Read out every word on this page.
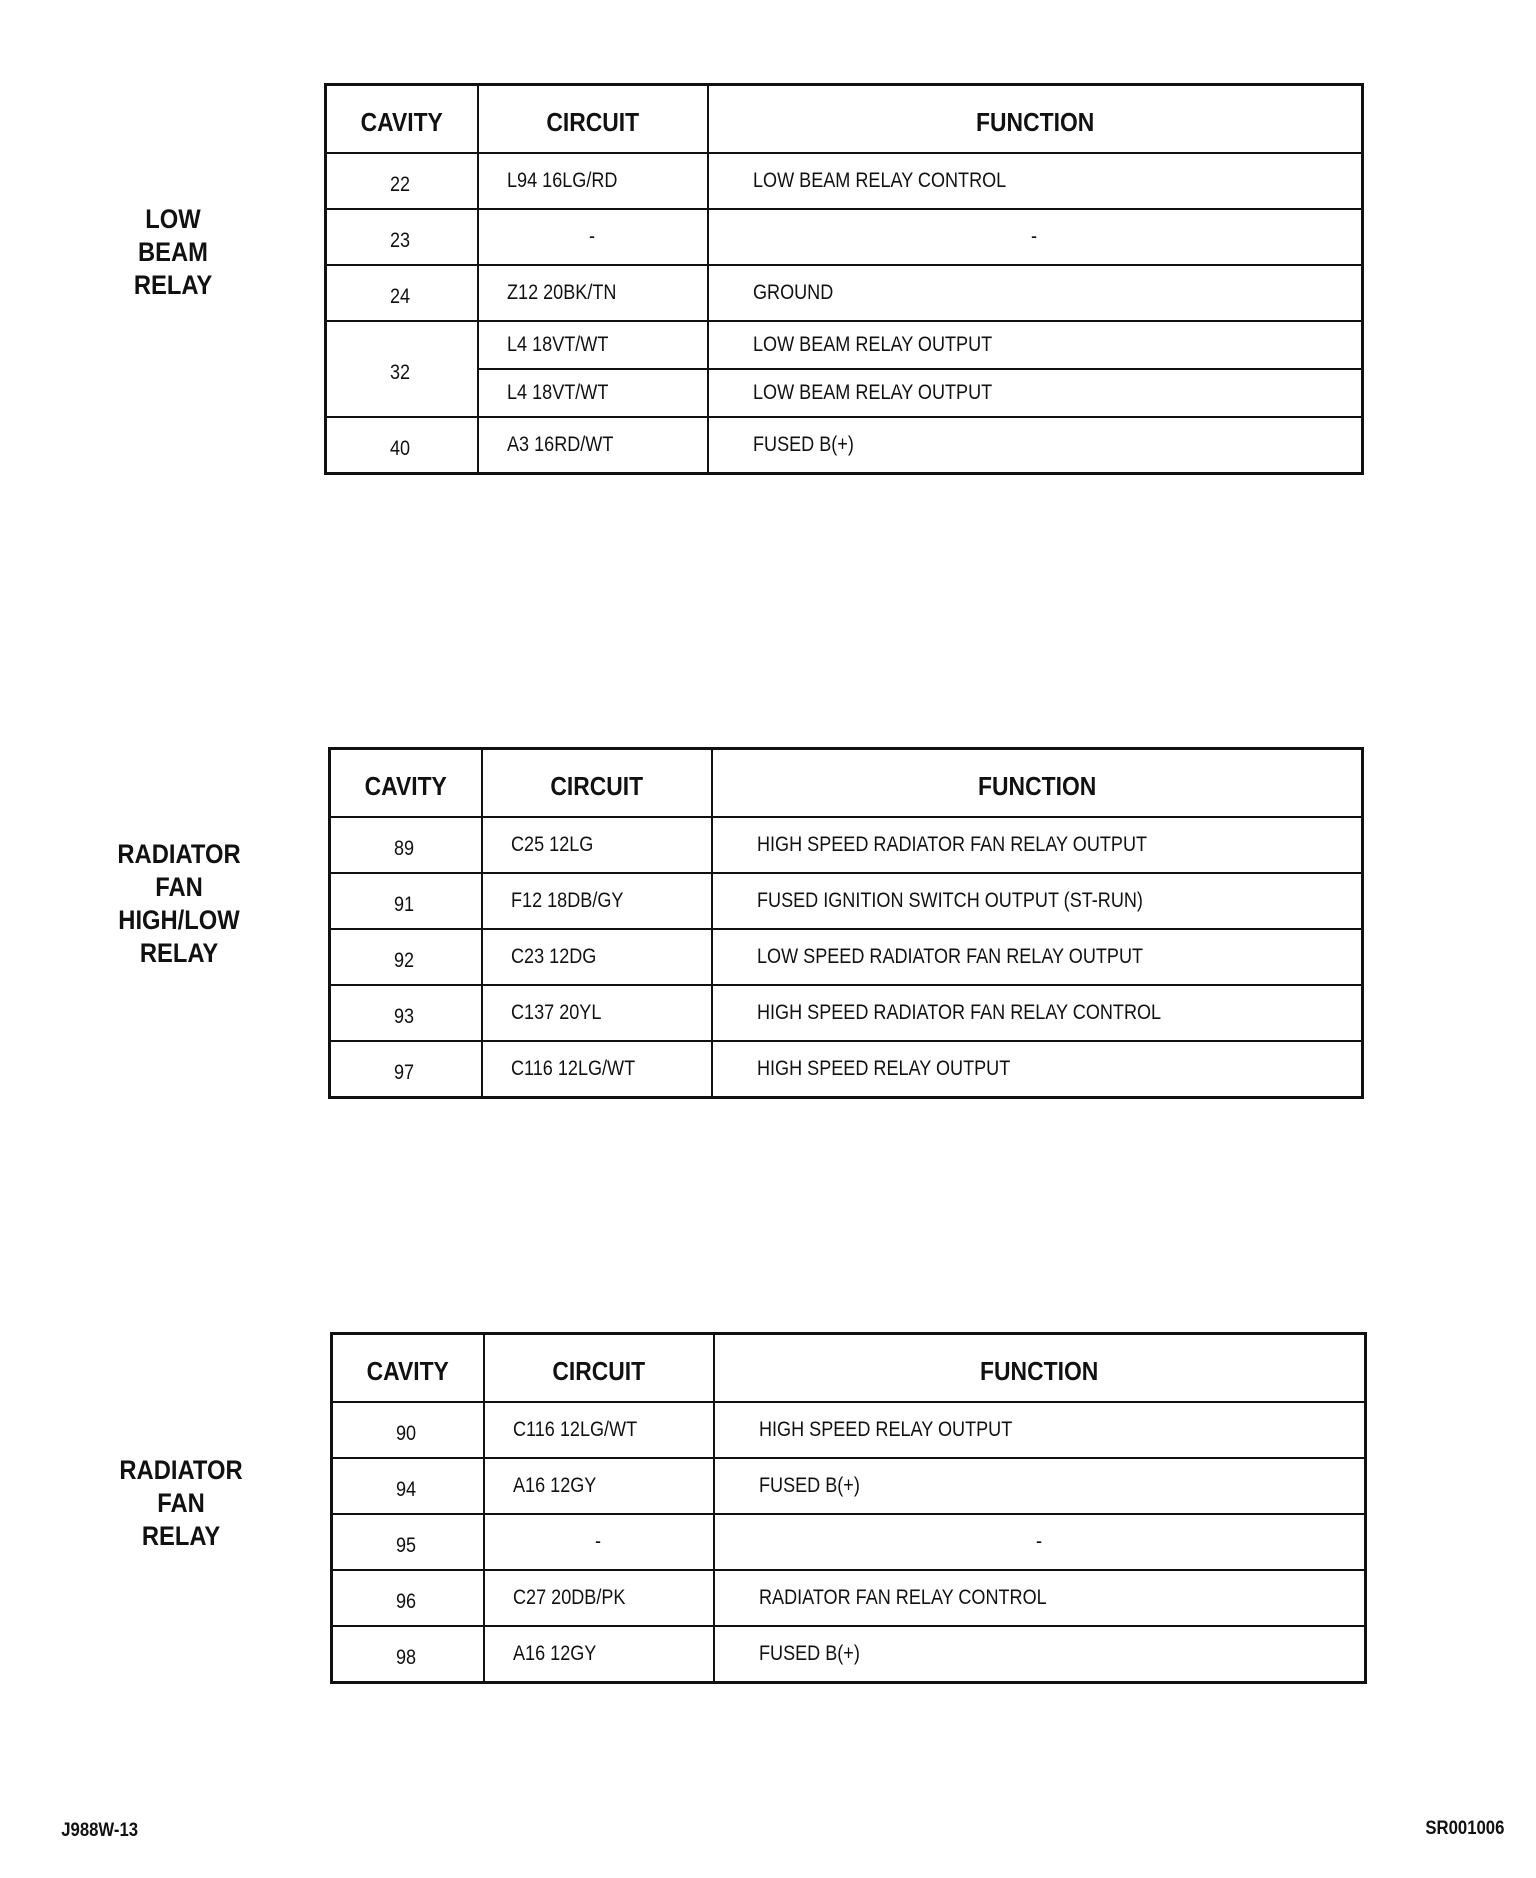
LOW
BEAM
RELAY
CAVITY	CIRCUIT	FUNCTION
22	L94 16LG/RD	LOW BEAM RELAY CONTROL
23	-	-
24	Z12 20BK/TN	GROUND
32	L4 18VT/WT	LOW BEAM RELAY OUTPUT
	L4 18VT/WT	LOW BEAM RELAY OUTPUT
40	A3 16RD/WT	FUSED B(+)
RADIATOR
FAN
HIGH/LOW
RELAY
CAVITY	CIRCUIT	FUNCTION
89	C25 12LG	HIGH SPEED RADIATOR FAN RELAY OUTPUT
91	F12 18DB/GY	FUSED IGNITION SWITCH OUTPUT (ST-RUN)
92	C23 12DG	LOW SPEED RADIATOR FAN RELAY OUTPUT
93	C137 20YL	HIGH SPEED RADIATOR FAN RELAY CONTROL
97	C116 12LG/WT	HIGH SPEED RELAY OUTPUT
RADIATOR
FAN
RELAY
CAVITY	CIRCUIT	FUNCTION
90	C116 12LG/WT	HIGH SPEED RELAY OUTPUT
94	A16 12GY	FUSED B(+)
95	-	-
96	C27 20DB/PK	RADIATOR FAN RELAY CONTROL
98	A16 12GY	FUSED B(+)
J988W-13	SR001006
